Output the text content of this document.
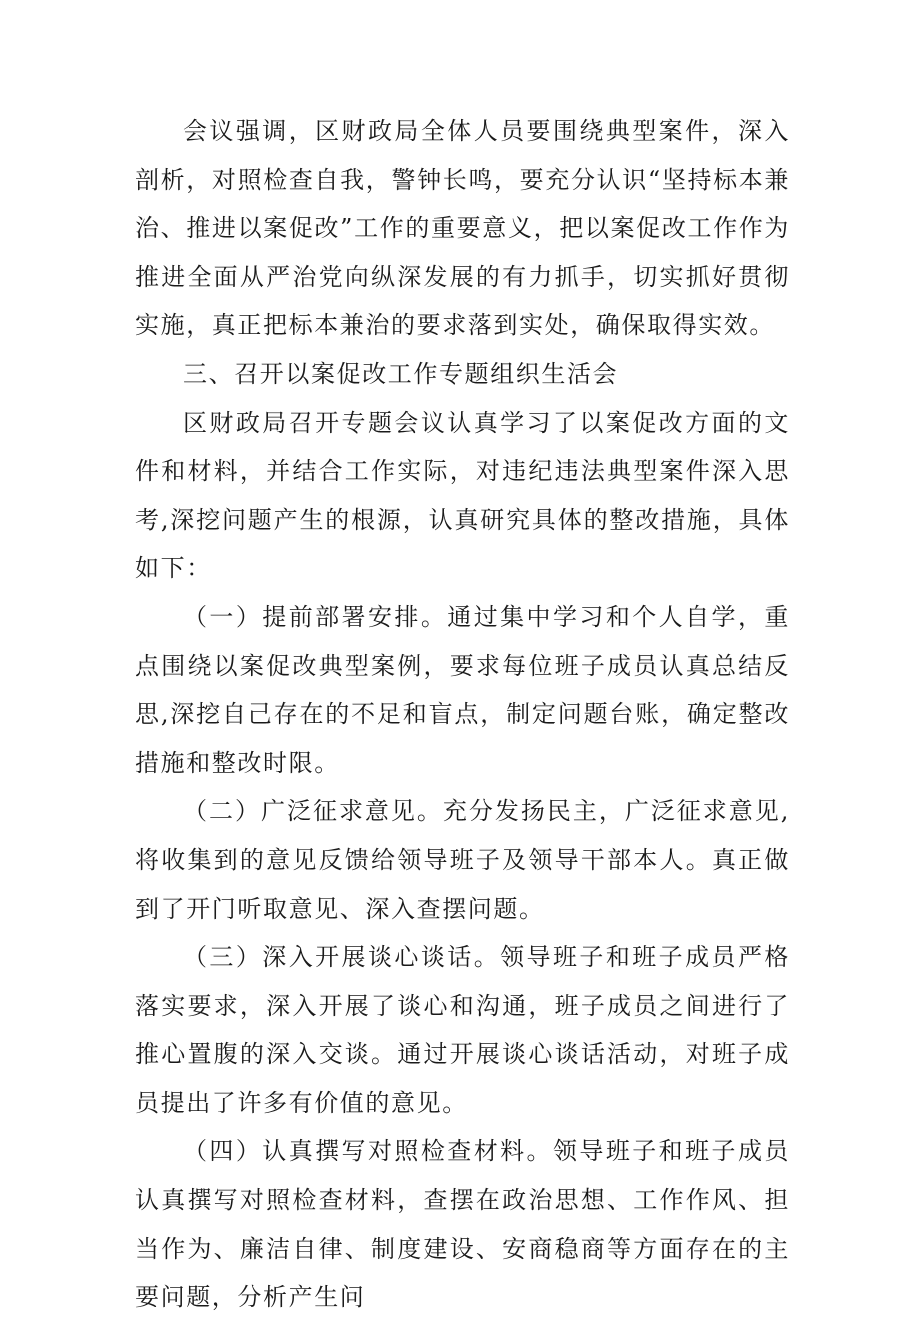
会议强调，区财政局全体人员要围绕典型案件，深入剖析，对照检查自我，警钟长鸣，要充分认识“坚持标本兼治、推进以案促改”工作的重要意义，把以案促改工作作为推进全面从严治党向纵深发展的有力抓手，切实抓好贯彻实施，真正把标本兼治的要求落到实处，确保取得实效。

三、召开以案促改工作专题组织生活会

区财政局召开专题会议认真学习了以案促改方面的文件和材料，并结合工作实际，对违纪违法典型案件深入思考,深挖问题产生的根源，认真研究具体的整改措施，具体如下：

（一）提前部署安排。通过集中学习和个人自学，重点围绕以案促改典型案例，要求每位班子成员认真总结反思,深挖自己存在的不足和盲点，制定问题台账，确定整改措施和整改时限。

（二）广泛征求意见。充分发扬民主，广泛征求意见,将收集到的意见反馈给领导班子及领导干部本人。真正做到了开门听取意见、深入查摆问题。

（三）深入开展谈心谈话。领导班子和班子成员严格落实要求，深入开展了谈心和沟通，班子成员之间进行了推心置腹的深入交谈。通过开展谈心谈话活动，对班子成员提出了许多有价值的意见。

（四）认真撰写对照检查材料。领导班子和班子成员认真撰写对照检查材料，查摆在政治思想、工作作风、担当作为、廉洁自律、制度建设、安商稳商等方面存在的主要问题，分析产生问
